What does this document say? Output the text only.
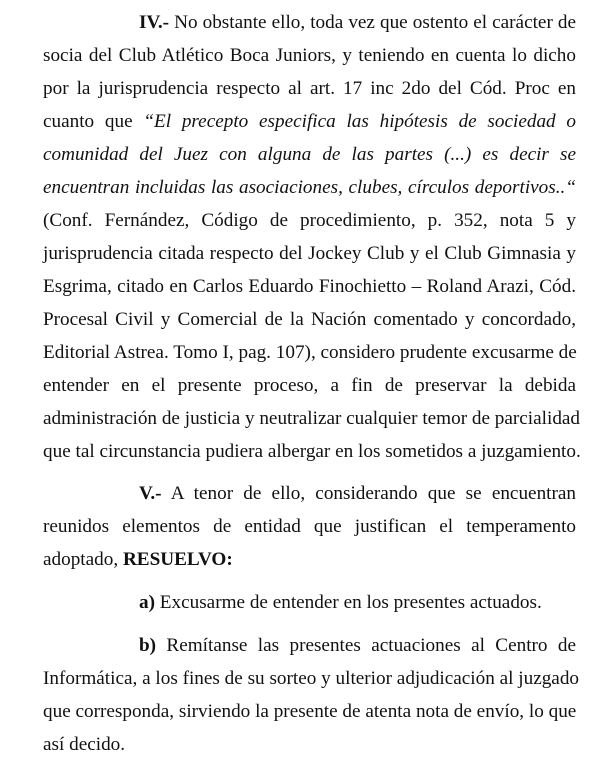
IV.- No obstante ello, toda vez que ostento el carácter de
socia del Club Atlético Boca Juniors, y teniendo en cuenta lo dicho
por la jurisprudencia respecto al art. 17 inc 2do del Cód. Proc en
cuanto que “El precepto especifica las hipótesis de sociedad o
comunidad del Juez con alguna de las partes (...) es decir se
encuentran incluidas las asociaciones, clubes, círculos deportivos..“
(Conf. Fernández, Código de procedimiento, p. 352, nota 5 y
jurisprudencia citada respecto del Jockey Club y el Club Gimnasia y
Esgrima, citado en Carlos Eduardo Finochietto – Roland Arazi, Cód.
Procesal Civil y Comercial de la Nación comentado y concordado,
Editorial Astrea. Tomo I, pag. 107), considero prudente excusarme de
entender en el presente proceso, a fin de preservar la debida
administración de justicia y neutralizar cualquier temor de parcialidad
que tal circunstancia pudiera albergar en los sometidos a juzgamiento.
V.- A tenor de ello, considerando que se encuentran
reunidos elementos de entidad que justifican el temperamento
adoptado, RESUELVO:
a) Excusarme de entender en los presentes actuados.
b) Remítanse las presentes actuaciones al Centro de
Informática, a los fines de su sorteo y ulterior adjudicación al juzgado
que corresponda, sirviendo la presente de atenta nota de envío, lo que
así decido.
